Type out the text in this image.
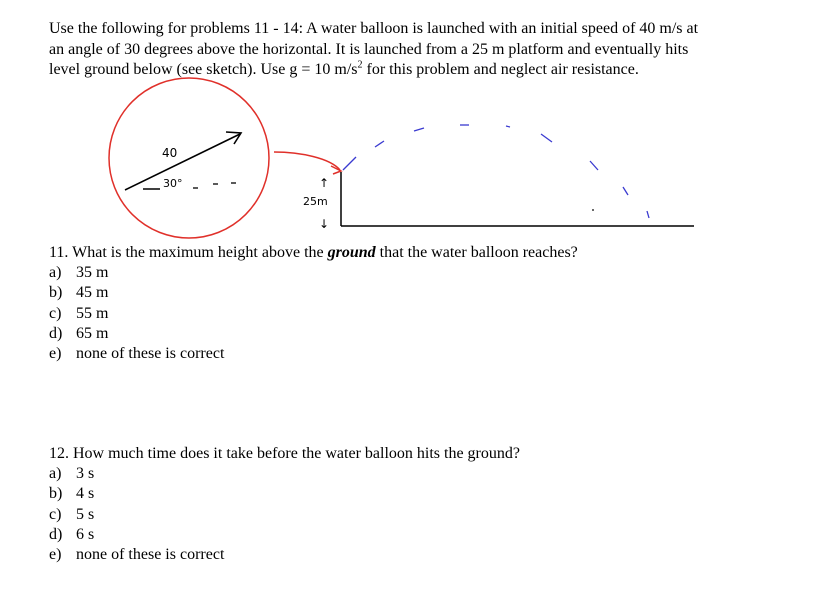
Use the following for problems 11 - 14: A water balloon is launched with an initial speed of 40 m/s at

an angle of 30 degrees above the horizontal. It is launched from a 25 m platform and eventually hits

level ground below (see sketch). Use g = 10 $m/s^2$ for this problem and neglect air resistance.

40
30°	↑
25m
↓
11. What is the maximum height above the ground that the water balloon reaches?
a) 35 m
b) 45 m
c) 55 m
d) 65 m
e) none of these is correct
12. How much time does it take before the water balloon hits the ground?
a) 3 s
b) 4 s
c) 5 s
d) 6 s
e) none of these is correct
